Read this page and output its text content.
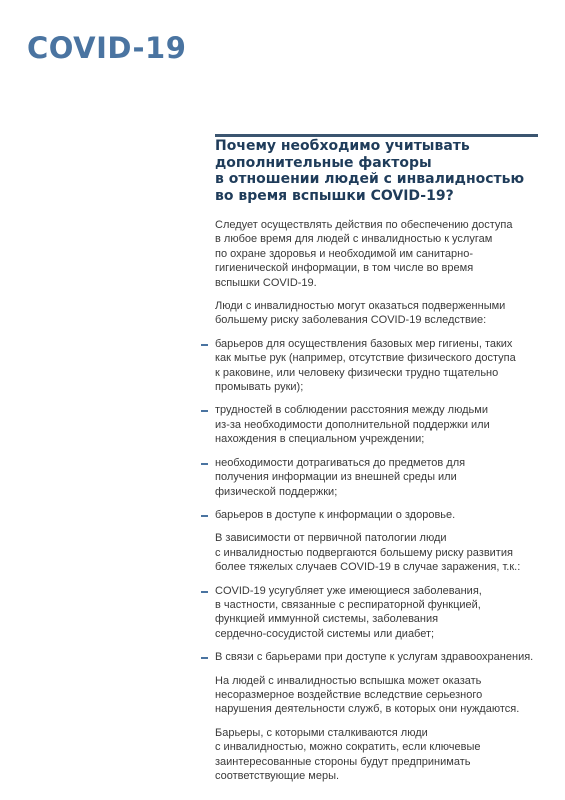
COVID-19
Почему необходимо учитывать
дополнительные факторы
в отношении людей с инвалидностью
во время вспышки COVID-19?

Следует осуществлять действия по обеспечению доступа
в любое время для людей с инвалидностью к услугам
по охране здоровья и необходимой им санитарно-
гигиенической информации, в том числе во время
вспышки COVID-19.

Люди с инвалидностью могут оказаться подверженными
большему риску заболевания COVID-19 вследствие:

барьеров для осуществления базовых мер гигиены, таких
как мытье рук (например, отсутствие физического доступа
к раковине, или человеку физически трудно тщательно
промывать руки);
трудностей в соблюдении расстояния между людьми
из-за необходимости дополнительной поддержки или
нахождения в специальном учреждении;
необходимости дотрагиваться до предметов для
получения информации из внешней среды или
физической поддержки;
барьеров в доступе к информации о здоровье.

В зависимости от первичной патологии люди
с инвалидностью подвергаются большему риску развития
более тяжелых случаев COVID-19 в случае заражения, т.к.:

COVID-19 усугубляет уже имеющиеся заболевания,
в частности, связанные с респираторной функцией,
функцией иммунной системы, заболевания
сердечно-сосудистой системы или диабет;
В связи с барьерами при доступе к услугам здравоохранения.

На людей с инвалидностью вспышка может оказать
несоразмерное воздействие вследствие серьезного
нарушения деятельности служб, в которых они нуждаются.

Барьеры, с которыми сталкиваются люди
с инвалидностью, можно сократить, если ключевые
заинтересованные стороны будут предпринимать
соответствующие меры.
